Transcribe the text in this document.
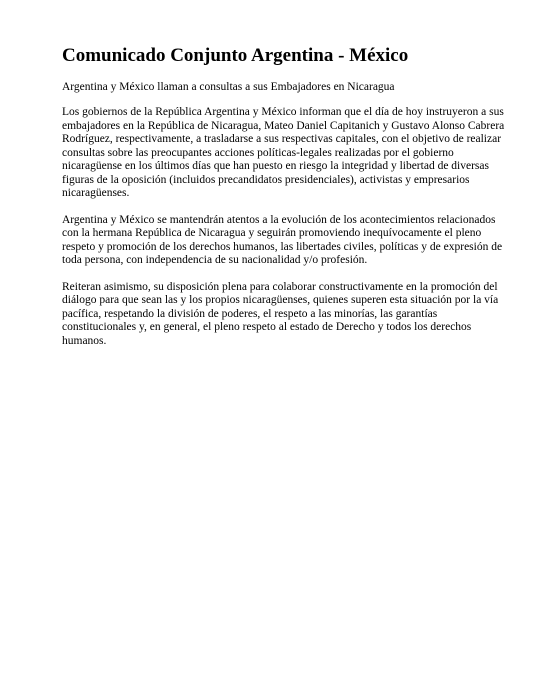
Comunicado Conjunto Argentina - México

Argentina y México llaman a consultas a sus Embajadores en Nicaragua

Los gobiernos de la República Argentina y México informan que el día de hoy instruyeron a sus
embajadores en la República de Nicaragua, Mateo Daniel Capitanich y Gustavo Alonso Cabrera
Rodríguez, respectivamente, a trasladarse a sus respectivas capitales, con el objetivo de realizar
consultas sobre las preocupantes acciones políticas-legales realizadas por el gobierno
nicaragüense en los últimos días que han puesto en riesgo la integridad y libertad de diversas
figuras de la oposición (incluidos precandidatos presidenciales), activistas y empresarios
nicaragüenses.

Argentina y México se mantendrán atentos a la evolución de los acontecimientos relacionados
con la hermana República de Nicaragua y seguirán promoviendo inequívocamente el pleno
respeto y promoción de los derechos humanos, las libertades civiles, políticas y de expresión de
toda persona, con independencia de su nacionalidad y/o profesión.

Reiteran asimismo, su disposición plena para colaborar constructivamente en la promoción del
diálogo para que sean las y los propios nicaragüenses, quienes superen esta situación por la vía
pacífica, respetando la división de poderes, el respeto a las minorías, las garantías
constitucionales y, en general, el pleno respeto al estado de Derecho y todos los derechos
humanos.
